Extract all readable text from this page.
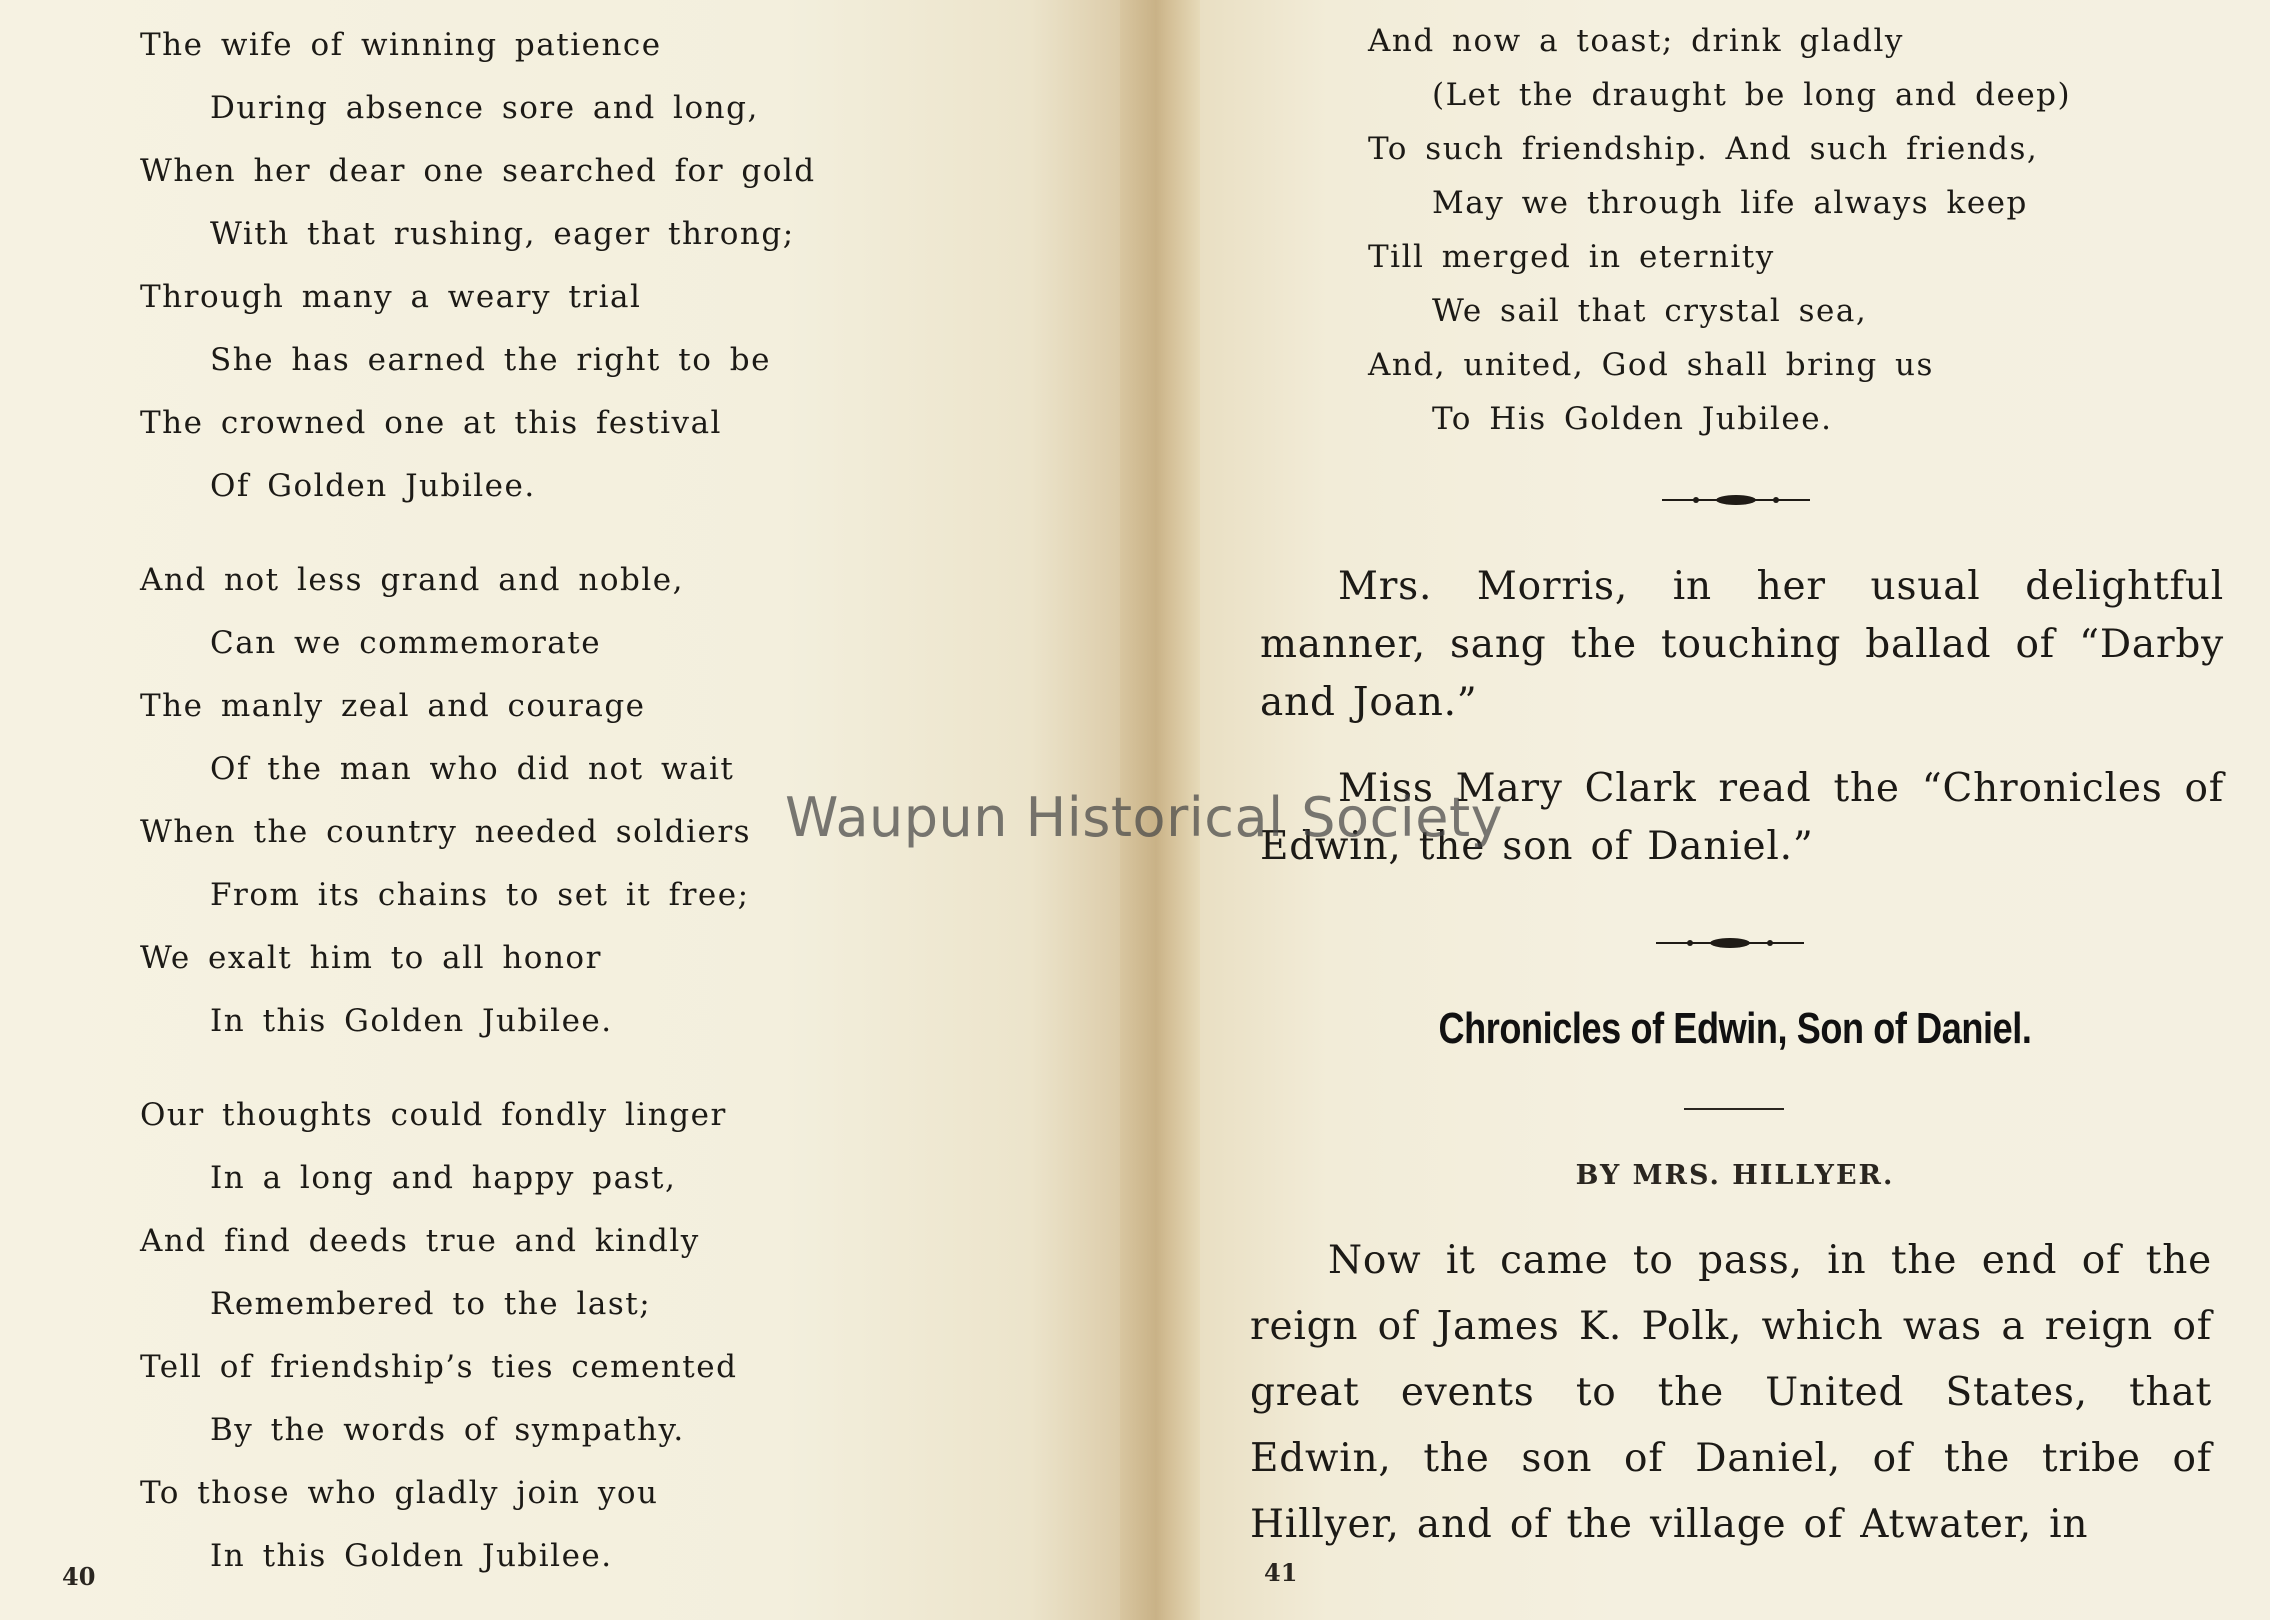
The wife of winning patience
During absence sore and long,
When her dear one searched for gold
With that rushing, eager throng;
Through many a weary trial
She has earned the right to be
The crowned one at this festival
Of Golden Jubilee.
And not less grand and noble,
Can we commemorate
The manly zeal and courage
Of the man who did not wait
When the country needed soldiers
From its chains to set it free;
We exalt him to all honor
In this Golden Jubilee.
Our thoughts could fondly linger
In a long and happy past,
And find deeds true and kindly
Remembered to the last;
Tell of friendship’s ties cemented
By the words of sympathy.
To those who gladly join you
In this Golden Jubilee.
40
And now a toast; drink gladly
(Let the draught be long and deep)
To such friendship. And such friends,
May we through life always keep
Till merged in eternity
We sail that crystal sea,
And, united, God shall bring us
To His Golden Jubilee.

Mrs. Morris, in her usual delightful manner, sang the touching ballad of “Darby and Joan.”

Miss Mary Clark read the “Chronicles of Edwin, the son of Daniel.”

Chronicles of Edwin, Son of Daniel.
BY MRS. HILLYER.

Now it came to pass, in the end of the reign of James K. Polk, which was a reign of great events to the United States, that Edwin, the son of Daniel, of the tribe of Hillyer, and of the village of Atwater, in

41
Waupun Historical Society
